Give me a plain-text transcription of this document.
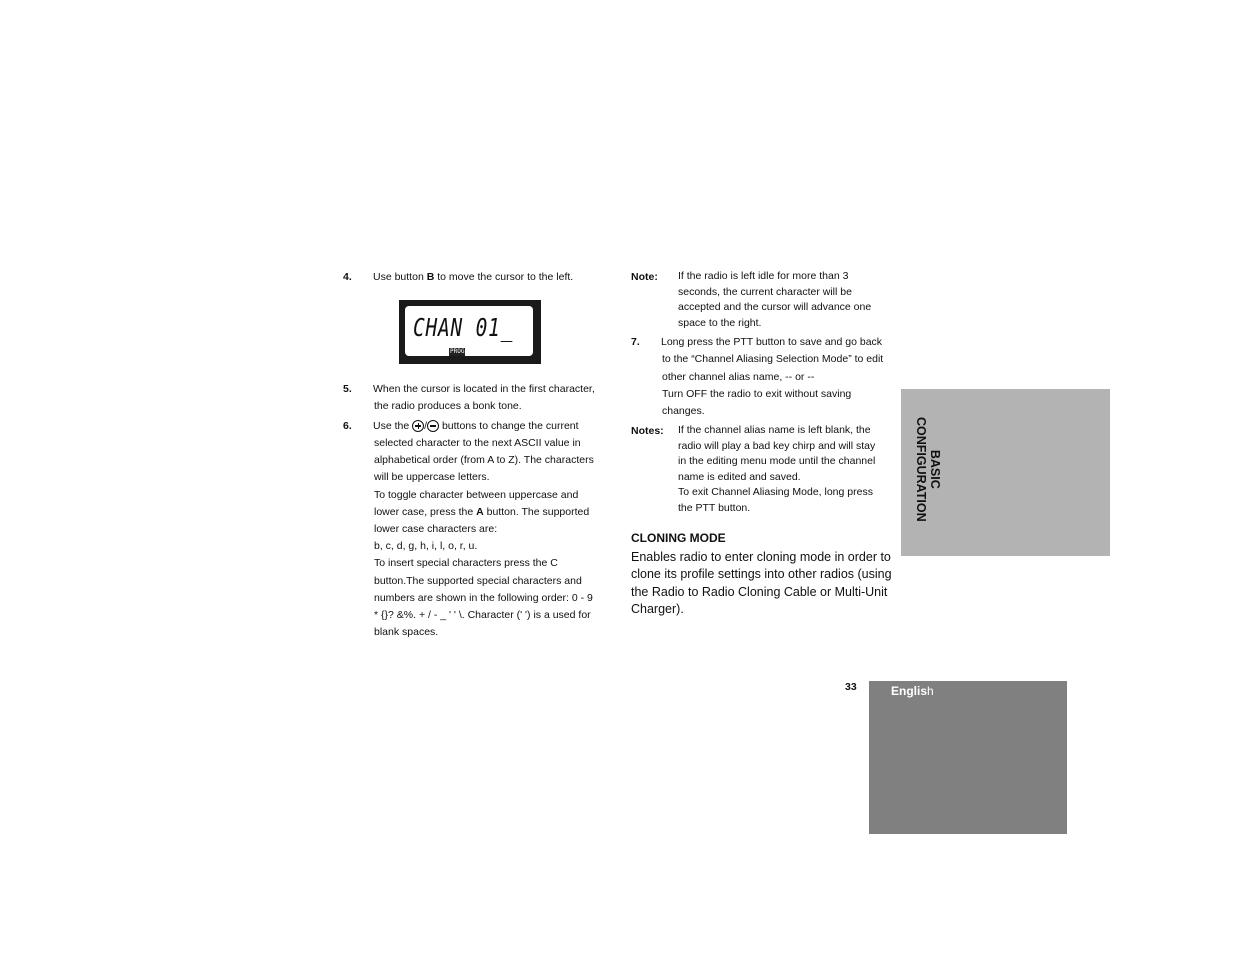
4. Use button B to move the cursor to the left.
CHAN 01_
PROG
5. When the cursor is located in the first character,
the radio produces a bonk tone.
6. Use the / buttons to change the current
selected character to the next ASCII value in
alphabetical order (from A to Z). The characters
will be uppercase letters.
To toggle character between uppercase and
lower case, press the A button. The supported
lower case characters are:
b, c, d, g, h, i, l, o, r, u.
To insert special characters press the C
button.The supported special characters and
numbers are shown in the following order: 0 - 9
* {}? &%. + / - _ ' ' \. Character (' ') is a used for
blank spaces.
Note: If the radio is left idle for more than 3
seconds, the current character will be
accepted and the cursor will advance one
space to the right.
7. Long press the PTT button to save and go back
to the “Channel Aliasing Selection Mode” to edit
other channel alias name, -- or --
Turn OFF the radio to exit without saving
changes.
Notes: If the channel alias name is left blank, the
radio will play a bad key chirp and will stay
in the editing menu mode until the channel
name is edited and saved.
To exit Channel Aliasing Mode, long press
the PTT button.
CLONING MODE
Enables radio to enter cloning mode in order to
clone its profile settings into other radios (using
the Radio to Radio Cloning Cable or Multi-Unit
Charger).
BASIC
CONFIGURATION
33	English
